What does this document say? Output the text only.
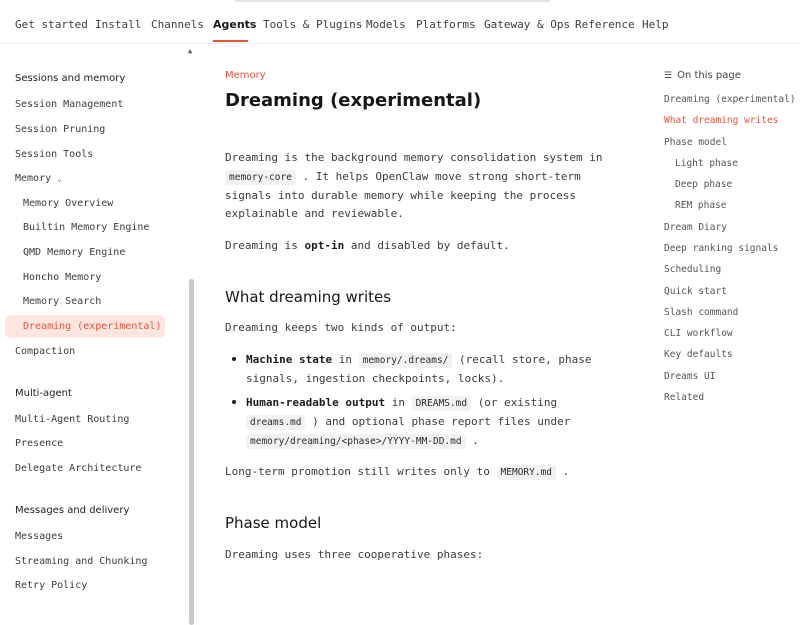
Get started Install Channels Agents Tools & Plugins Models Platforms Gateway & Ops Reference Help
▲
Sessions and memory
Session Management
Session Pruning
Session Tools
Memory ⌄
Memory Overview
Builtin Memory Engine
QMD Memory Engine
Honcho Memory
Memory Search
Dreaming (experimental)
Compaction
Multi-agent
Multi-Agent Routing
Presence
Delegate Architecture
Messages and delivery
Messages
Streaming and Chunking
Retry Policy
Memory
Dreaming (experimental)
Dreaming is the background memory consolidation system in
memory-core . It helps OpenClaw move strong short-term
signals into durable memory while keeping the process
explainable and reviewable.
Dreaming is opt-in and disabled by default.
What dreaming writes
Dreaming keeps two kinds of output:
Machine state in memory/.dreams/ (recall store, phase
signals, ingestion checkpoints, locks).
Human-readable output in DREAMS.md (or existing
dreams.md ) and optional phase report files under
memory/dreaming/<phase>/YYYY-MM-DD.md .
Long-term promotion still writes only to MEMORY.md .
Phase model
Dreaming uses three cooperative phases:
☰ On this page
Dreaming (experimental)
What dreaming writes
Phase model
Light phase
Deep phase
REM phase
Dream Diary
Deep ranking signals
Scheduling
Quick start
Slash command
CLI workflow
Key defaults
Dreams UI
Related
